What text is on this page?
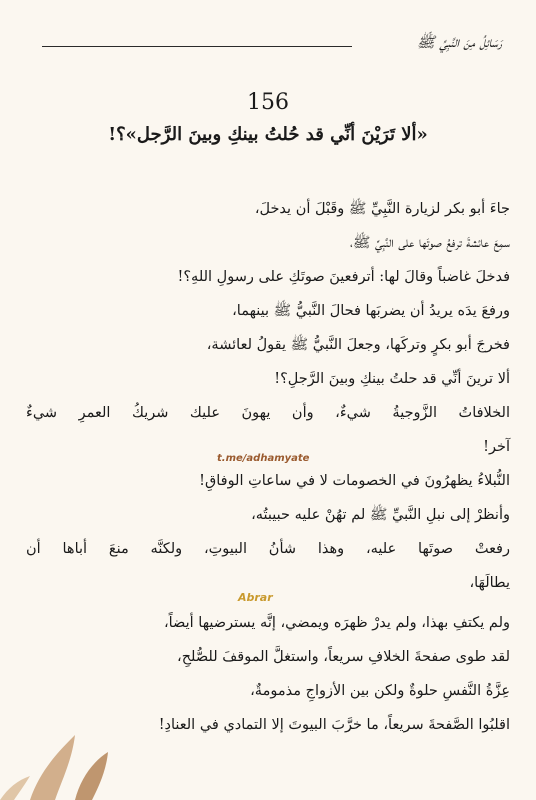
رَسَائِلُ مِنَ النَّبِيِّ ﷺ
156
«ألا تَرَيْنَ أنِّي قد حُلتُ بينكِ وبينَ الرَّجل»؟!
جاءَ أبو بكر لزيارة النَّبِيِّ ﷺ وقَبْلَ أن يدخلَ،
سمِعَ عائشةَ ترفعُ صوتَها على النَّبِيِّ ﷺ،
فدخلَ غاضباً وقالَ لها: أترفعينَ صوتَكِ على رسولِ اللهِ؟!
ورفعَ يدَه يريدُ أن يضربَها فحالَ النَّبيُّ ﷺ بينهما،
فخرجَ أبو بكرٍ وتركَها، وجعلَ النَّبيُّ ﷺ يقولُ لعائشة،
ألا ترينَ أنِّي قد حلتُ بينكِ وبينَ الرَّجلِ؟!
الخلافاتُ الزَّوجيةُ شيءٌ، وأن يهونَ عليك شريكُ العمرِ شيءٌ
آخر!
t.me/adhamyate
النُّبلاءُ يظهرُونَ في الخصومات لا في ساعاتِ الوفاقِ!
وأنظرْ إلى نبلِ النَّبيِّ ﷺ لم تهُنْ عليه حبيبتُه،
رفعتْ صوتَها عليه، وهذا شأنُ البيوتِ، ولكنَّه منعَ أباها أن
يطالَهَا،
Abrar
ولم يكتفِ بهذا، ولم يدرْ ظهرَه ويمضي، إنَّه يسترضيها أيضاً،
لقد طوى صفحةَ الخلافِ سريعاً، واستغلَّ الموقفَ للصُّلحِ،
عِزَّةُ النَّفسِ حلوةٌ ولكن بين الأزواجِ مذمومةٌ،
اقلبُوا الصَّفحةَ سريعاً، ما خرَّبَ البيوتَ إلا التمادي في العنادِ!
